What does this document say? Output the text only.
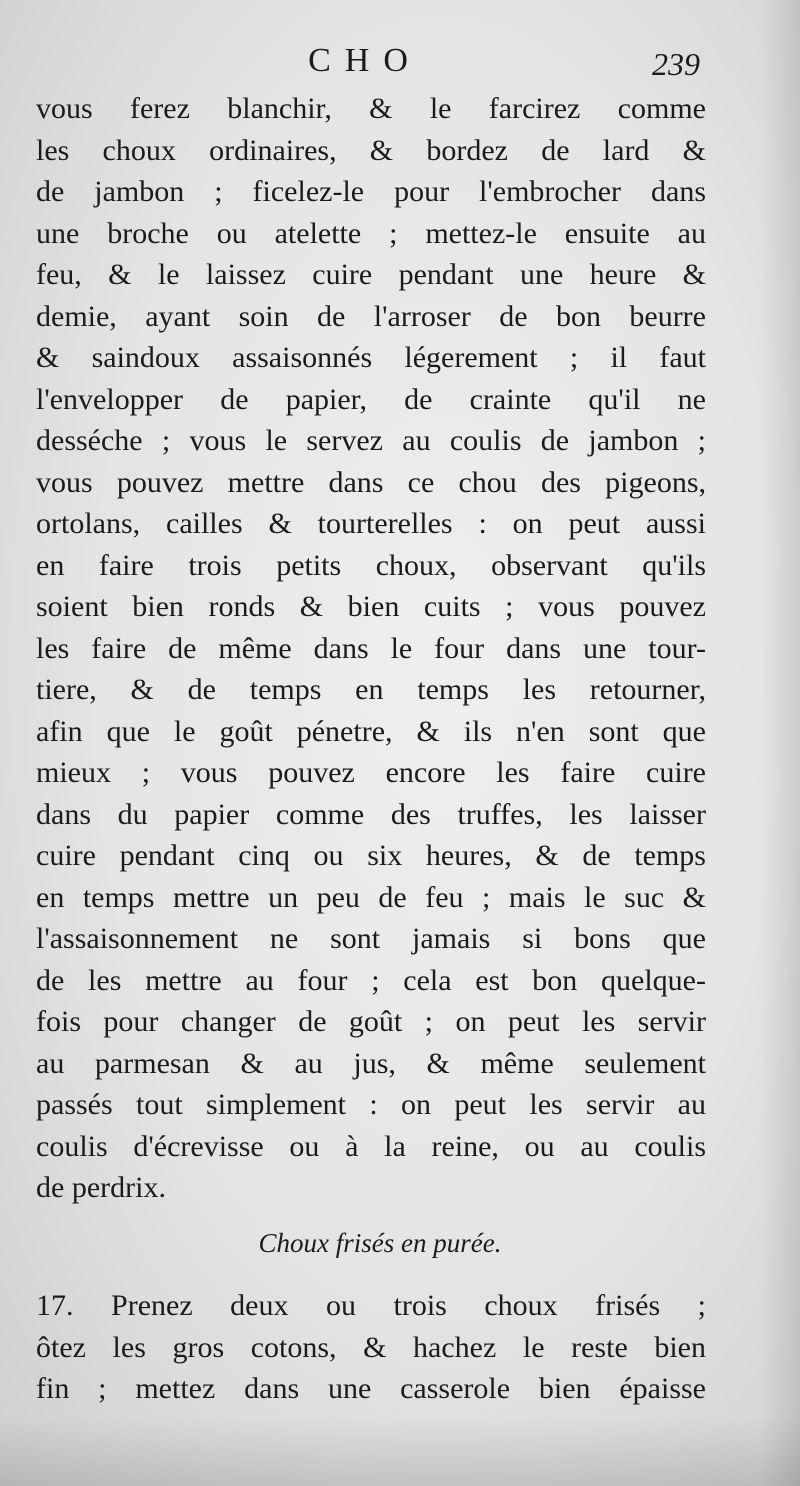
CHO	239
vous ferez blanchir, & le farcirez comme
les choux ordinaires, & bordez de lard &
de jambon ; ficelez-le pour l'embrocher dans
une broche ou atelette ; mettez-le ensuite au
feu, & le laissez cuire pendant une heure &
demie, ayant soin de l'arroser de bon beurre
& saindoux assaisonnés légerement ; il faut
l'envelopper de papier, de crainte qu'il ne
desséche ; vous le servez au coulis de jambon ;
vous pouvez mettre dans ce chou des pigeons,
ortolans, cailles & tourterelles : on peut aussi
en faire trois petits choux, observant qu'ils
soient bien ronds & bien cuits ; vous pouvez
les faire de même dans le four dans une tour-
tiere, & de temps en temps les retourner,
afin que le goût pénetre, & ils n'en sont que
mieux ; vous pouvez encore les faire cuire
dans du papier comme des truffes, les laisser
cuire pendant cinq ou six heures, & de temps
en temps mettre un peu de feu ; mais le suc &
l'assaisonnement ne sont jamais si bons que
de les mettre au four ; cela est bon quelque-
fois pour changer de goût ; on peut les servir
au parmesan & au jus, & même seulement
passés tout simplement : on peut les servir au
coulis d'écrevisse ou à la reine, ou au coulis
de perdrix.
Choux frisés en purée.
17. Prenez deux ou trois choux frisés ;
ôtez les gros cotons, & hachez le reste bien
fin ; mettez dans une casserole bien épaisse
